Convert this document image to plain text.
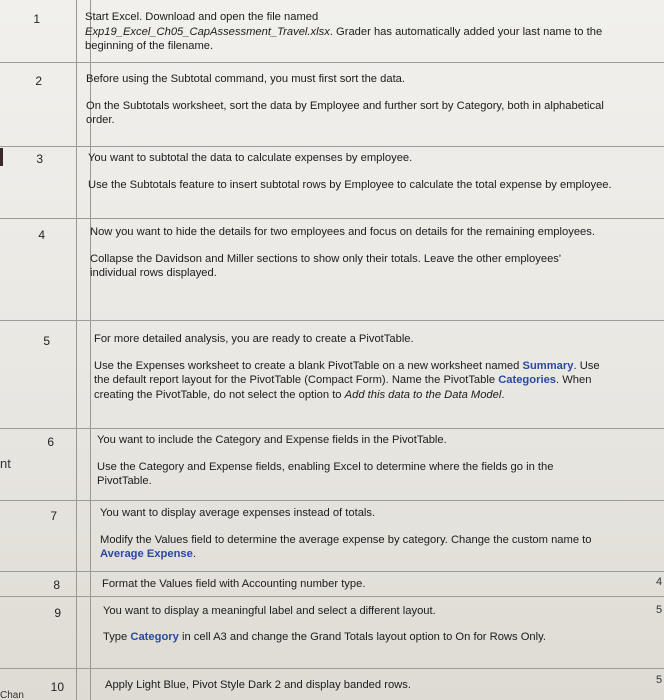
1	Start Excel. Download and open the file named
Exp19_Excel_Ch05_CapAssessment_Travel.xlsx. Grader has automatically added your last name to the beginning of the filename.

2	Before using the Subtotal command, you must first sort the data.

On the Subtotals worksheet, sort the data by Employee and further sort by Category, both in alphabetical order.

3	You want to subtotal the data to calculate expenses by employee.

Use the Subtotals feature to insert subtotal rows by Employee to calculate the total expense by employee.

4	Now you want to hide the details for two employees and focus on details for the remaining employees.

Collapse the Davidson and Miller sections to show only their totals. Leave the other employees' individual rows displayed.

5	For more detailed analysis, you are ready to create a PivotTable.

Use the Expenses worksheet to create a blank PivotTable on a new worksheet named Summary. Use the default report layout for the PivotTable (Compact Form). Name the PivotTable Categories. When creating the PivotTable, do not select the option to Add this data to the Data Model.

6	You want to include the Category and Expense fields in the PivotTable.

Use the Category and Expense fields, enabling Excel to determine where the fields go in the PivotTable.

7	You want to display average expenses instead of totals.

Modify the Values field to determine the average expense by category. Change the custom name to Average Expense.

8	Format the Values field with Accounting number type.

9	You want to display a meaningful label and select a different layout.

Type Category in cell A3 and change the Grand Totals layout option to On for Rows Only.

10	Apply Light Blue, Pivot Style Dark 2 and display banded rows.

nt
Chan
4
5
5
